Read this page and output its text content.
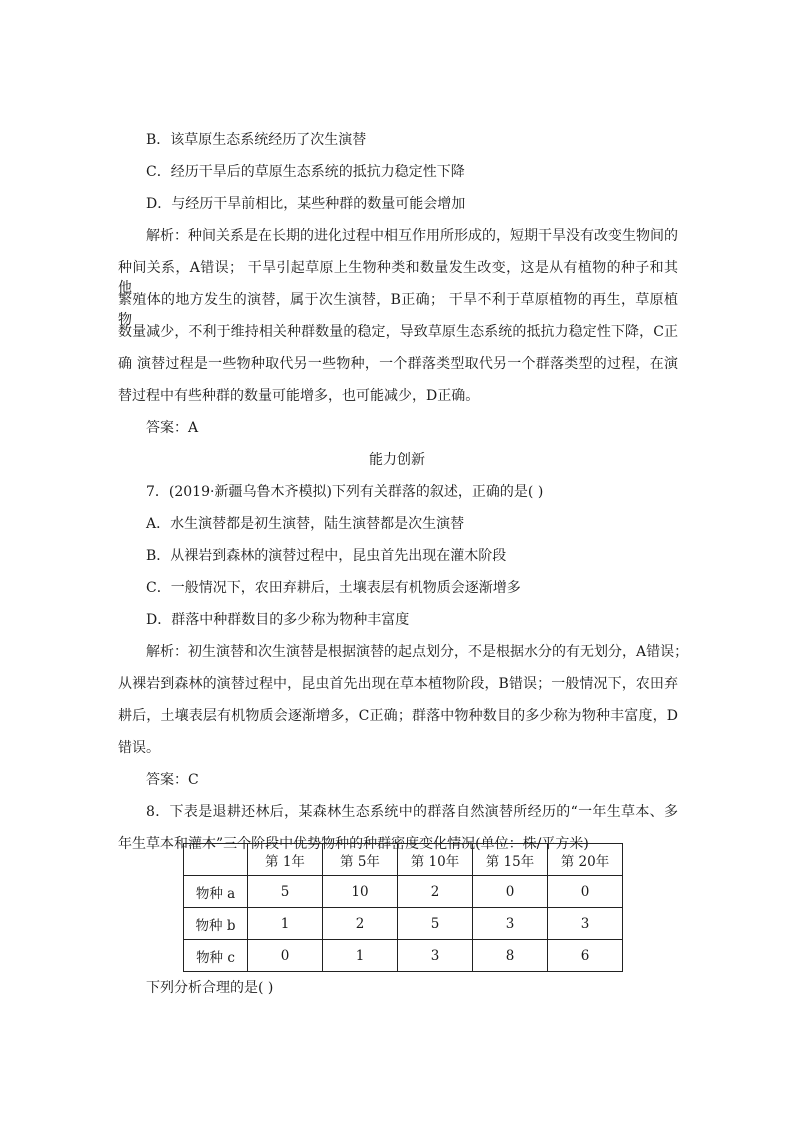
B．该草原生态系统经历了次生演替
C．经历干旱后的草原生态系统的抵抗力稳定性下降
D．与经历干旱前相比，某些种群的数量可能会增加
解析：种间关系是在长期的进化过程中相互作用所形成的，短期干旱没有改变生物间的
种间关系，A错误； 干旱引起草原上生物种类和数量发生改变，这是从有植物的种子和其他
繁殖体的地方发生的演替，属于次生演替，B正确； 干旱不利于草原植物的再生，草原植物
数量减少，不利于维持相关种群数量的稳定，导致草原生态系统的抵抗力稳定性下降，C正
确 演替过程是一些物种取代另一些物种，一个群落类型取代另一个群落类型的过程，在演
替过程中有些种群的数量可能增多，也可能减少，D正确。
答案：A
能力创新
7．(2019·新疆乌鲁木齐模拟)下列有关群落的叙述，正确的是( )
A．水生演替都是初生演替，陆生演替都是次生演替
B．从裸岩到森林的演替过程中，昆虫首先出现在灌木阶段
C．一般情况下，农田弃耕后，土壤表层有机物质会逐渐增多
D．群落中种群数目的多少称为物种丰富度
解析：初生演替和次生演替是根据演替的起点划分，不是根据水分的有无划分，A错误；
从裸岩到森林的演替过程中，昆虫首先出现在草本植物阶段，B错误；一般情况下，农田弃
耕后，土壤表层有机物质会逐渐增多，C正确；群落中物种数目的多少称为物种丰富度，D
错误。
答案：C
8．下表是退耕还林后，某森林生态系统中的群落自然演替所经历的“一年生草本、多
年生草本和灌木”三个阶段中优势物种的种群密度变化情况(单位：株/平方米)
	第 1年	第 5年	第 10年	第 15年	第 20年
物种 a	5	10	2	0	0
物种 b	1	2	5	3	3
物种 c	0	1	3	8	6
下列分析合理的是( )
